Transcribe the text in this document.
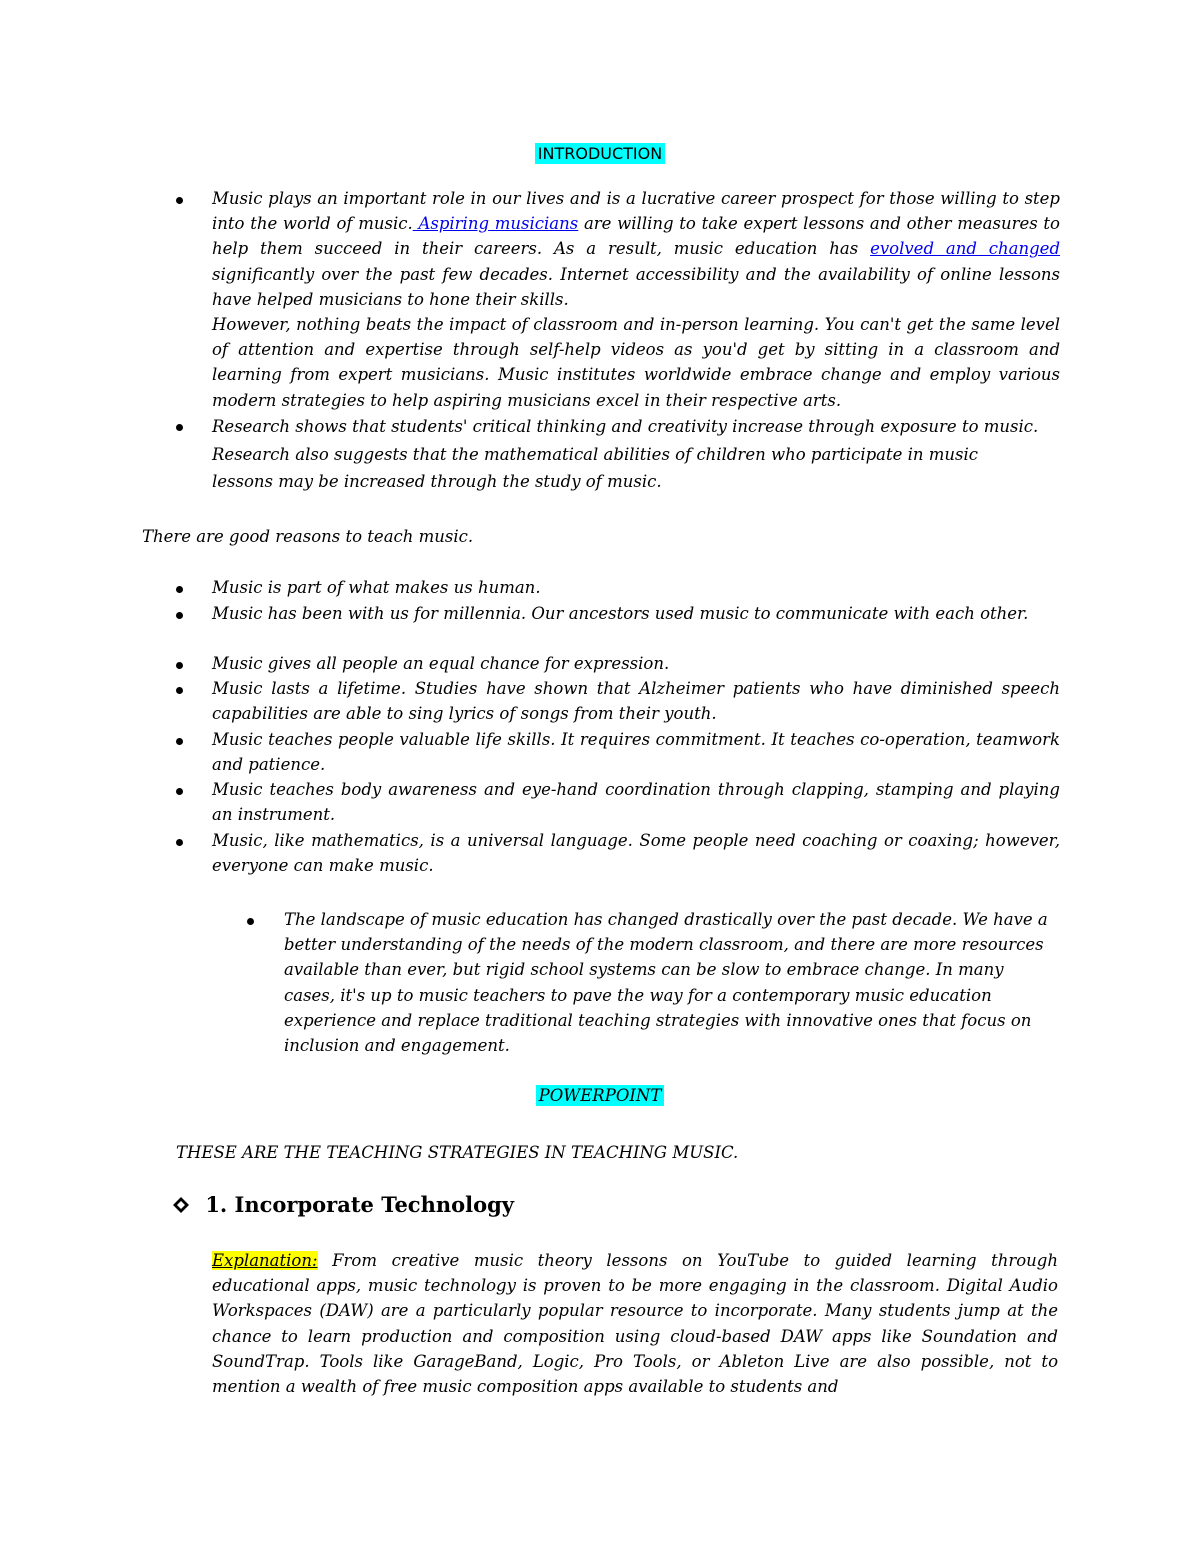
INTRODUCTION
Music plays an important role in our lives and is a lucrative career prospect for those willing to step into the world of music. Aspiring musicians are willing to take expert lessons and other measures to help them succeed in their careers. As a result, music education has evolved and changed significantly over the past few decades. Internet accessibility and the availability of online lessons have helped musicians to hone their skills.
However, nothing beats the impact of classroom and in-person learning. You can't get the same level of attention and expertise through self-help videos as you'd get by sitting in a classroom and learning from expert musicians. Music institutes worldwide embrace change and employ various modern strategies to help aspiring musicians excel in their respective arts.
Research shows that students' critical thinking and creativity increase through exposure to music. Research also suggests that the mathematical abilities of children who participate in music lessons may be increased through the study of music.
There are good reasons to teach music.
Music is part of what makes us human.
Music has been with us for millennia. Our ancestors used music to communicate with each other.
Music gives all people an equal chance for expression.
Music lasts a lifetime. Studies have shown that Alzheimer patients who have diminished speech capabilities are able to sing lyrics of songs from their youth.
Music teaches people valuable life skills. It requires commitment. It teaches co-operation, teamwork and patience.
Music teaches body awareness and eye-hand coordination through clapping, stamping and playing an instrument.
Music, like mathematics, is a universal language. Some people need coaching or coaxing; however, everyone can make music.
The landscape of music education has changed drastically over the past decade. We have a better understanding of the needs of the modern classroom, and there are more resources available than ever, but rigid school systems can be slow to embrace change. In many cases, it's up to music teachers to pave the way for a contemporary music education experience and replace traditional teaching strategies with innovative ones that focus on inclusion and engagement.
POWERPOINT
THESE ARE THE TEACHING STRATEGIES IN TEACHING MUSIC.
1. Incorporate Technology
Explanation: From creative music theory lessons on YouTube to guided learning through educational apps, music technology is proven to be more engaging in the classroom. Digital Audio Workspaces (DAW) are a particularly popular resource to incorporate. Many students jump at the chance to learn production and composition using cloud-based DAW apps like Soundation and SoundTrap. Tools like GarageBand, Logic, Pro Tools, or Ableton Live are also possible, not to mention a wealth of free music composition apps available to students and
